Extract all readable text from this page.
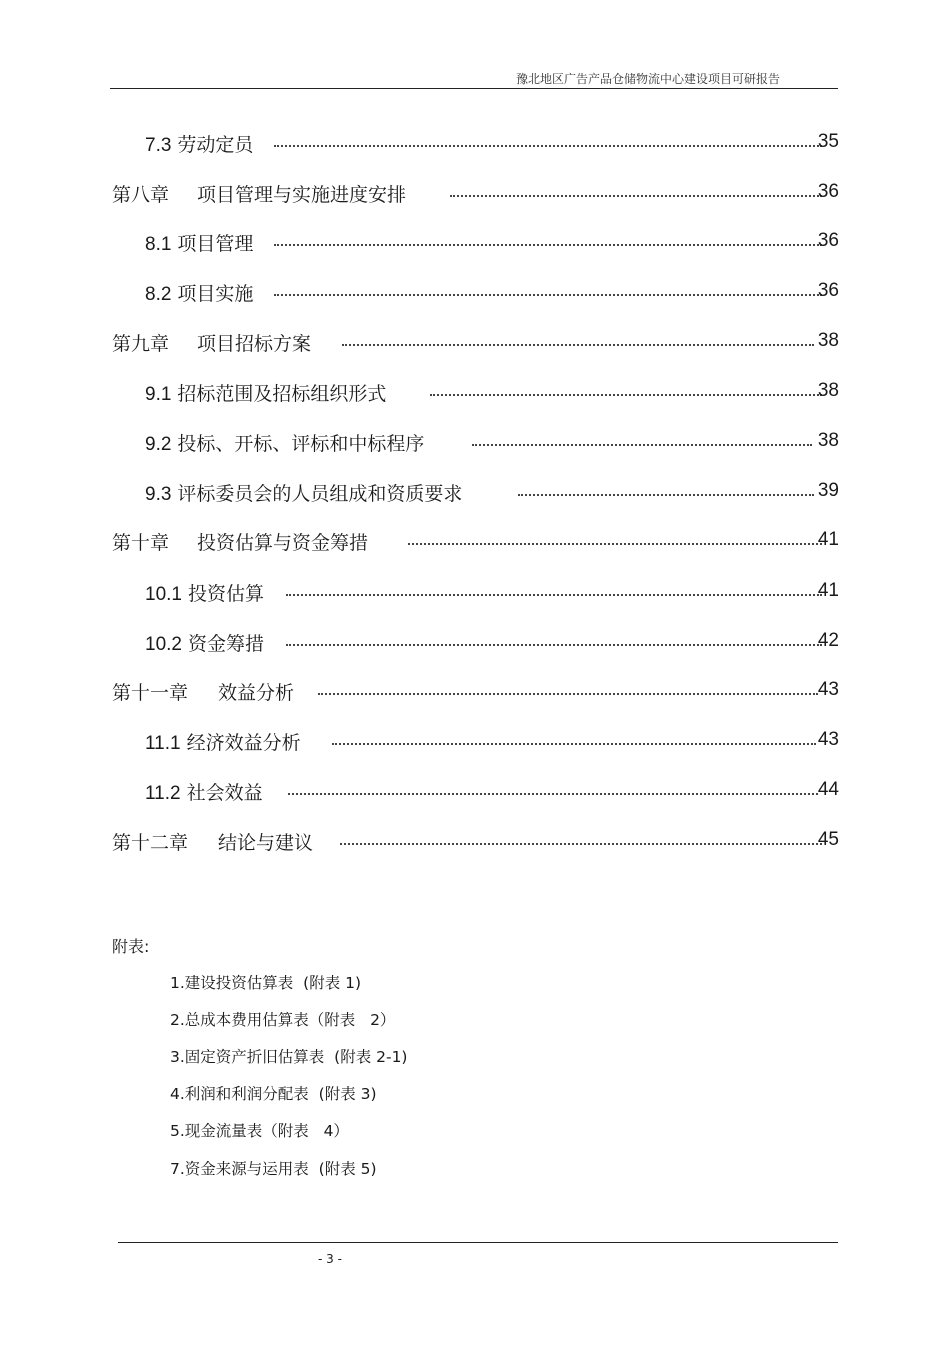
豫北地区广告产品仓储物流中心建设项目可研报告
7.3 劳动定员	35
第八章 项目管理与实施进度安排	36
8.1 项目管理	36
8.2 项目实施	36
第九章 项目招标方案	38
9.1 招标范围及招标组织形式	38
9.2 投标、开标、评标和中标程序	38
9.3 评标委员会的人员组成和资质要求	39
第十章 投资估算与资金筹措	41
10.1 投资估算	41
10.2 资金筹措	42
第十一章 效益分析	43
11.1 经济效益分析	43
11.2 社会效益	44
第十二章 结论与建议	45
附表:
1.建设投资估算表  (附表 1)
2.总成本费用估算表（附表   2）
3.固定资产折旧估算表  (附表 2-1)
4.利润和利润分配表  (附表 3)
5.现金流量表（附表   4）
7.资金来源与运用表  (附表 5)
- 3 -
